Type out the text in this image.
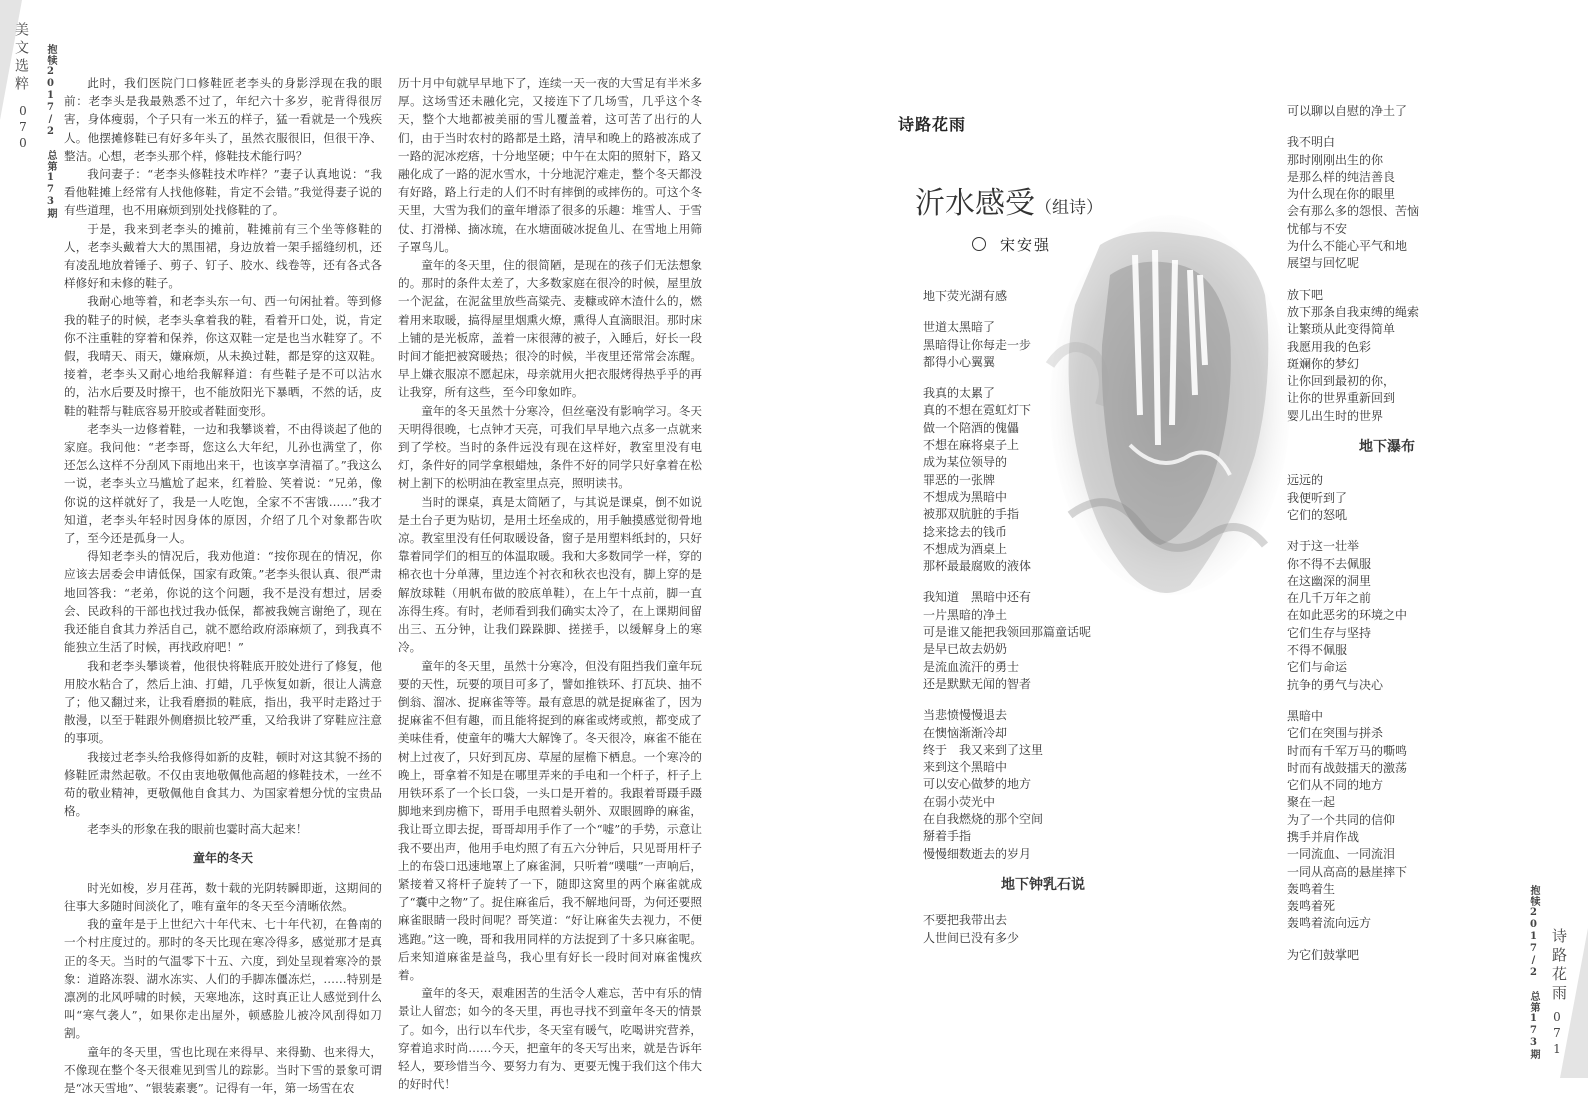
美文选粹
070 抱犊2017/2 总第173期	此时，我们医院门口修鞋匠老李头的身影浮现在我的眼前：老李头是我最熟悉不过了，年纪六十多岁，驼背得很厉害，身体瘦弱，个子只有一米五的样子，猛一看就是一个残疾人。他摆摊修鞋已有好多年头了，虽然衣服很旧，但很干净、整洁。心想，老李头那个样，修鞋技术能行吗？

我问妻子：“老李头修鞋技术咋样？”妻子认真地说：“我看他鞋摊上经常有人找他修鞋，肯定不会错。”我觉得妻子说的有些道理，也不用麻烦到别处找修鞋的了。

于是，我来到老李头的摊前，鞋摊前有三个坐等修鞋的人，老李头戴着大大的黑围裙，身边放着一架手摇缝纫机，还有凌乱地放着锤子、剪子、钉子、胶水、线卷等，还有各式各样修好和未修的鞋子。

我耐心地等着，和老李头东一句、西一句闲扯着。等到修我的鞋子的时候，老李头拿着我的鞋，看着开口处，说，肯定你不注重鞋的穿着和保养，你这双鞋一定是也当水鞋穿了。不假，我晴天、雨天，嫌麻烦，从未换过鞋，都是穿的这双鞋。接着，老李头又耐心地给我解释道：有些鞋子是不可以沾水的，沾水后要及时擦干，也不能放阳光下暴晒，不然的话，皮鞋的鞋帮与鞋底容易开胶或者鞋面变形。

老李头一边修着鞋，一边和我攀谈着，不由得谈起了他的家庭。我问他：“老李哥，您这么大年纪，儿孙也满堂了，你还怎么这样不分刮风下雨地出来干，也该享享清福了。”我这么一说，老李头立马尴尬了起来，红着脸、笑着说：“兄弟，像你说的这样就好了，我是一人吃饱，全家不不害饿……”我才知道，老李头年轻时因身体的原因，介绍了几个对象都告吹了，至今还是孤身一人。

得知老李头的情况后，我劝他道：“按你现在的情况，你应该去居委会申请低保，国家有政策。”老李头很认真、很严肃地回答我：“老弟，你说的这个问题，我不是没有想过，居委会、民政科的干部也找过我办低保，都被我婉言谢绝了，现在我还能自食其力养活自己，就不愿给政府添麻烦了，到我真不能独立生活了时候，再找政府吧！”

我和老李头攀谈着，他很快将鞋底开胶处进行了修复，他用胶水粘合了，然后上油、打蜡，几乎恢复如新，很让人满意了；他又翻过来，让我看磨损的鞋底，指出，我平时走路过于散漫，以至于鞋跟外侧磨损比较严重，又给我讲了穿鞋应注意的事项。

我接过老李头给我修得如新的皮鞋，顿时对这其貌不扬的修鞋匠肃然起敬。不仅由衷地敬佩他高超的修鞋技术，一丝不苟的敬业精神，更敬佩他自食其力、为国家着想分忧的宝贵品格。

老李头的形象在我的眼前也霎时高大起来！

童年的冬天

时光如梭，岁月荏苒，数十载的光阴转瞬即逝，这期间的往事大多随时间淡化了，唯有童年的冬天至今清晰依然。

我的童年是于上世纪六十年代末、七十年代初，在鲁南的一个村庄度过的。那时的冬天比现在寒冷得多，感觉那才是真正的冬天。当时的气温零下十五、六度，到处呈现着寒冷的景象：道路冻裂、湖水冻实、人们的手脚冻僵冻烂，……特别是凛冽的北风呼啸的时候，天寒地冻，这时真正让人感觉到什么叫“寒气袭人”，如果你走出屋外，顿感脸儿被冷风刮得如刀割。

童年的冬天里，雪也比现在来得早、来得勤、也来得大，不像现在整个冬天很难见到雪儿的踪影。当时下雪的景象可谓是“冰天雪地”、“银装素裹”。记得有一年，第一场雪在农

历十月中旬就早早地下了，连续一天一夜的大雪足有半米多厚。这场雪还未融化完，又接连下了几场雪，几乎这个冬天，整个大地都被美丽的雪儿覆盖着，这可苦了出行的人们，由于当时农村的路都是土路，清早和晚上的路被冻成了一路的泥冰疙瘩，十分地坚硬；中午在太阳的照射下，路又融化成了一路的泥水雪水，十分地泥泞难走，整个冬天都没有好路，路上行走的人们不时有摔倒的或摔伤的。可这个冬天里，大雪为我们的童年增添了很多的乐趣：堆雪人、于雪仗、打滑梯、摘冰琉，在水塘面破冰捉鱼儿、在雪地上用筛子罩鸟儿。

童年的冬天里，住的很简陋，是现在的孩子们无法想象的。那时的条件太差了，大多数家庭在很冷的时候，屋里放一个泥盆，在泥盆里放些高粱壳、麦糠或碎木渣什么的，燃着用来取暖，搞得屋里烟熏火燎，熏得人直滴眼泪。那时床上铺的是光板席，盖着一床很薄的被子，入睡后，好长一段时间才能把被窝暖热；很冷的时候，半夜里还常常会冻醒。早上嫌衣服凉不愿起床，母亲就用火把衣服烤得热乎乎的再让我穿，所有这些，至今印象如昨。

童年的冬天虽然十分寒冷，但丝毫没有影响学习。冬天天明得很晚，七点钟才天亮，可我们早早地六点多一点就来到了学校。当时的条件远没有现在这样好，教室里没有电灯，条件好的同学拿根蜡烛，条件不好的同学只好拿着在松树上割下的松明油在教室里点亮，照明读书。

当时的课桌，真是太简陋了，与其说是课桌，倒不如说是土台子更为贴切，是用土坯垒成的，用手触摸感觉彻骨地凉。教室里没有任何取暖设备，窗子是用塑料纸封的，只好靠着同学们的相互的体温取暖。我和大多数同学一样，穿的棉衣也十分单薄，里边连个衬衣和秋衣也没有，脚上穿的是解放球鞋（用帆布做的胶底单鞋），在上午十点前，脚一直冻得生疼。有时，老师看到我们确实太冷了，在上课期间留出三、五分钟，让我们跺跺脚、搓搓手，以缓解身上的寒冷。

童年的冬天里，虽然十分寒冷，但没有阻挡我们童年玩要的天性，玩要的项目可多了，譬如推铁环、打瓦块、抽不倒翁、溜冰、捉麻雀等等。最有意思的就是捉麻雀了，因为捉麻雀不但有趣，而且能将捉到的麻雀或烤或煎，都变成了美味佳肴，使童年的嘴大大解馋了。冬天很冷，麻雀不能在树上过夜了，只好到瓦房、草屋的屋檐下栖息。一个寒冷的晚上，哥拿着不知是在哪里弄来的手电和一个杆子，杆子上用铁环系了一个长口袋，一头口是开着的。我跟着哥蹑手蹑脚地来到房檐下，哥用手电照着头朝外、双眼圆睁的麻雀，我让哥立即去捉，哥哥却用手作了一个“嘘”的手势，示意让我不要出声，他用手电灼照了有五六分钟后，只见哥用杆子上的布袋口迅速地罩上了麻雀洞，只听着“噗嗤”一声响后，紧接着又将杆子旋转了一下，随即这窝里的两个麻雀就成了“囊中之物”了。捉住麻雀后，我不解地问哥，为何还要照麻雀眼睛一段时间呢？哥笑道：“好让麻雀失去视力，不便逃跑。”这一晚，哥和我用同样的方法捉到了十多只麻雀呢。后来知道麻雀是益鸟，我心里有好长一段时间对麻雀愧疚着。

童年的冬天，艰难困苦的生活令人难忘，苦中有乐的情景让人留恋；如今的冬天里，再也寻找不到童年冬天的情景了。如今，出行以车代步，冬天室有暖气，吃喝讲究营养，穿着追求时尚……今天，把童年的冬天写出来，就是告诉年轻人，要珍惜当今、要努力有为、更要无愧于我们这个伟大的好时代！

诗路花雨
071
抱犊2017/2 总第173期
诗路花雨
沂水感受（组诗）
宋安强
地下荧光湖有感
世道太黑暗了
黑暗得让你每走一步
都得小心翼翼
我真的太累了
真的不想在霓虹灯下
做一个陪酒的傀儡
不想在麻将桌子上
成为某位领导的
罪恶的一张牌
不想成为黑暗中
被那双肮脏的手指
捻来捻去的钱币
不想成为酒桌上
那杯最最腐败的液体
我知道　黑暗中还有
一片黑暗的净土
可是谁又能把我领回那篇童话呢
是早已故去奶奶
是流血流汗的勇士
还是默默无闻的智者
当悲愤慢慢退去
在懊恼渐渐冷却
终于　我又来到了这里
来到这个黑暗中
可以安心做梦的地方
在弱小荧光中
在自我燃烧的那个空间
掰着手指
慢慢细数逝去的岁月
地下钟乳石说
不要把我带出去
人世间已没有多少
可以聊以自慰的净土了
我不明白
那时刚刚出生的你
是那么样的纯洁善良
为什么现在你的眼里
会有那么多的怨恨、苦恼
忧郁与不安
为什么不能心平气和地
展望与回忆呢
放下吧
放下那条自我束缚的绳索
让繁琐从此变得简单
我愿用我的色彩
斑斓你的梦幻
让你回到最初的你，
让你的世界重新回到
婴儿出生时的世界
地下瀑布
远远的
我便听到了
它们的怒吼
对于这一壮举
你不得不去佩服
在这幽深的洞里
在几千万年之前
在如此恶劣的环境之中
它们生存与坚持
不得不佩服
它们与命运
抗争的勇气与决心
黑暗中
它们在突围与拼杀
时而有千军万马的嘶鸣
时而有战鼓擂天的激荡
它们从不同的地方
聚在一起
为了一个共同的信仰
携手并肩作战
一同流血、一同流泪
一同从高高的悬崖摔下
轰鸣着生
轰鸣着死
轰鸣着流向远方
为它们鼓掌吧
